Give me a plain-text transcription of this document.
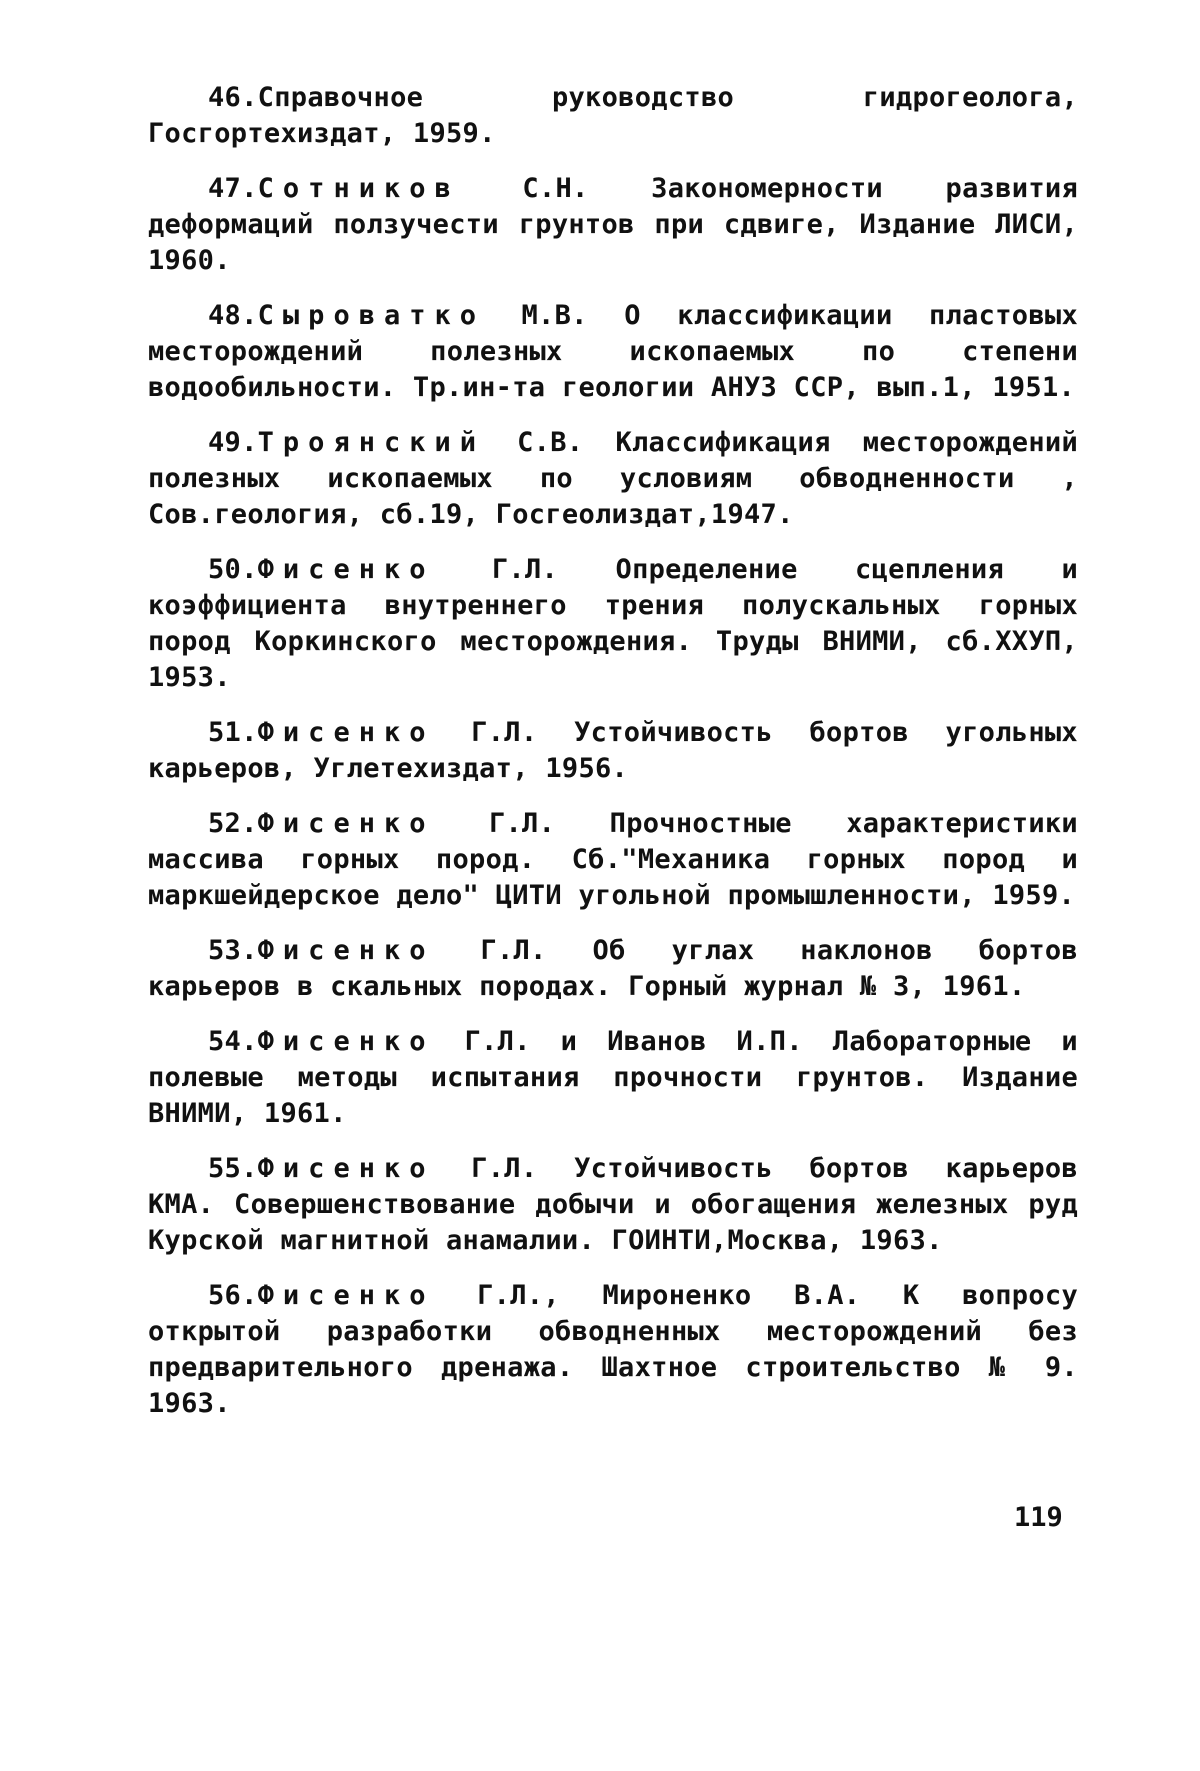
46.Справочное руководство гидрогеолога, Госгортехиздат, 1959.

47.Сотников С.Н. Закономерности развития деформаций ползучести грунтов при сдвиге, Издание ЛИСИ, 1960.

48.Сыроватко М.В. О классификации пластовых месторождений полезных ископаемых по степени водообильности. Тр.ин-та геологии АНУЗ ССР, вып.1, 1951.

49.Троянский С.В. Классификация месторождений полезных ископаемых по условиям обводненности , Сов.геология, сб.19, Госгеолиздат,1947.

50.Фисенко Г.Л. Определение сцепления и коэффициента внутреннего трения полускальных горных пород Коркинского месторождения. Труды ВНИМИ, сб.XXУП, 1953.

51.Фисенко Г.Л. Устойчивость бортов угольных карьеров, Углетехиздат, 1956.

52.Фисенко Г.Л. Прочностные характеристики массива горных пород. Сб."Механика горных пород и маркшейдерское дело" ЦИТИ угольной промышленности, 1959.

53.Фисенко Г.Л. Об углах наклонов бортов карьеров в скальных породах. Горный журнал № 3, 1961.

54.Фисенко Г.Л. и Иванов И.П. Лабораторные и полевые методы испытания прочности грунтов. Издание ВНИМИ, 1961.

55.Фисенко Г.Л. Устойчивость бортов карьеров КМА. Совершенствование добычи и обогащения железных руд Курской магнитной анамалии. ГОИНТИ,Москва, 1963.

56.Фисенко Г.Л., Мироненко В.А. К вопросу открытой разработки обводненных месторождений без предварительного дренажа. Шахтное строительство № 9. 1963.

119
